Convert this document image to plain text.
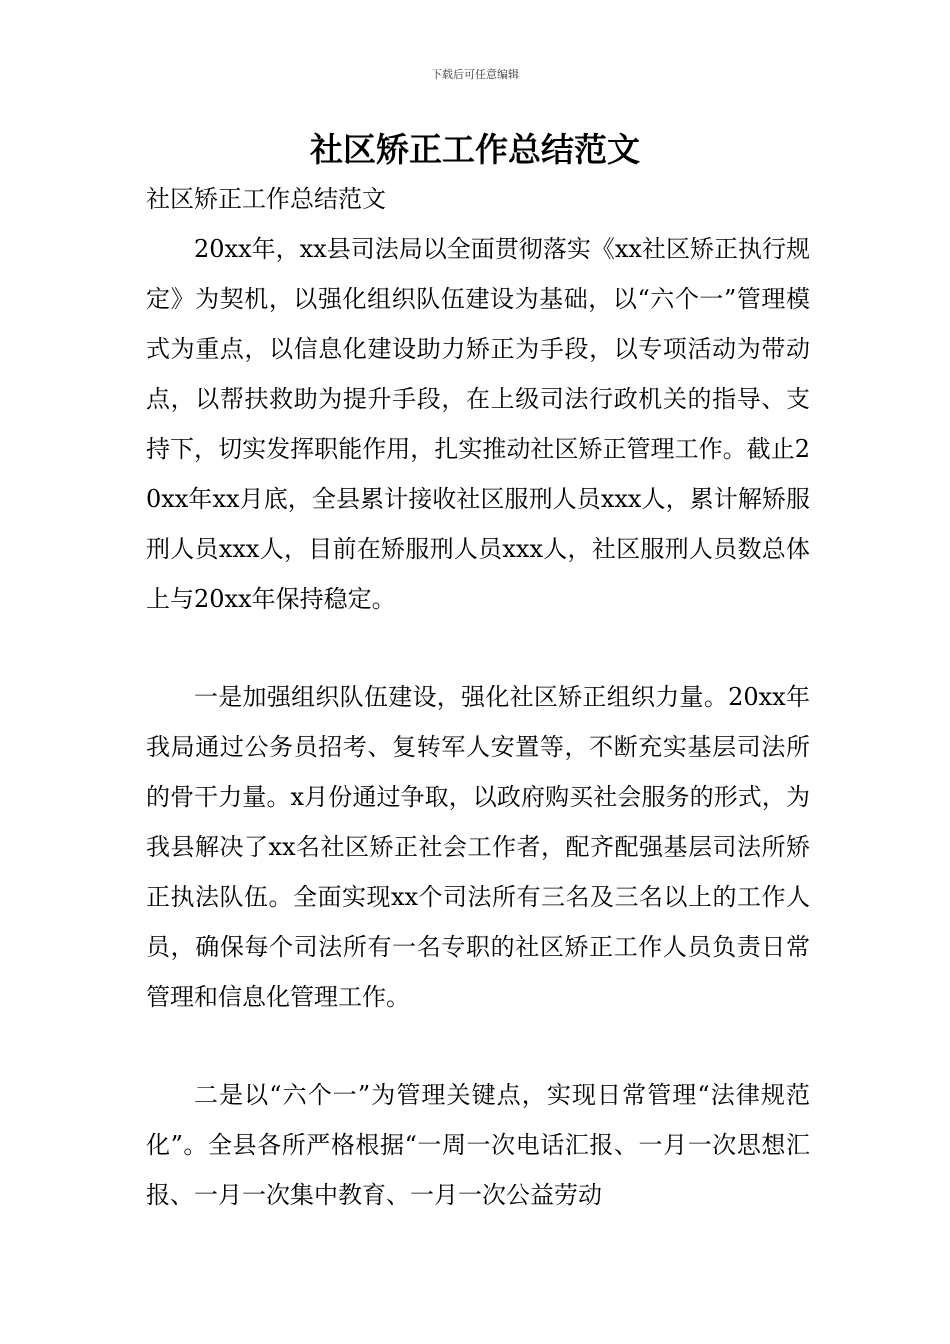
下载后可任意编辑
社区矫正工作总结范文

社区矫正工作总结范文

20xx年，xx县司法局以全面贯彻落实《xx社区矫正执行规定》为契机，以强化组织队伍建设为基础，以“六个一”管理模式为重点，以信息化建设助力矫正为手段，以专项活动为带动点，以帮扶救助为提升手段，在上级司法行政机关的指导、支持下，切实发挥职能作用，扎实推动社区矫正管理工作。截止20xx年xx月底，全县累计接收社区服刑人员xxx人，累计解矫服刑人员xxx人，目前在矫服刑人员xxx人，社区服刑人员数总体上与20xx年保持稳定。

一是加强组织队伍建设，强化社区矫正组织力量。20xx年我局通过公务员招考、复转军人安置等，不断充实基层司法所的骨干力量。x月份通过争取，以政府购买社会服务的形式，为我县解决了xx名社区矫正社会工作者，配齐配强基层司法所矫正执法队伍。全面实现xx个司法所有三名及三名以上的工作人员，确保每个司法所有一名专职的社区矫正工作人员负责日常管理和信息化管理工作。

二是以“六个一”为管理关键点，实现日常管理“法律规范化”。全县各所严格根据“一周一次电话汇报、一月一次思想汇报、一月一次集中教育、一月一次公益劳动
